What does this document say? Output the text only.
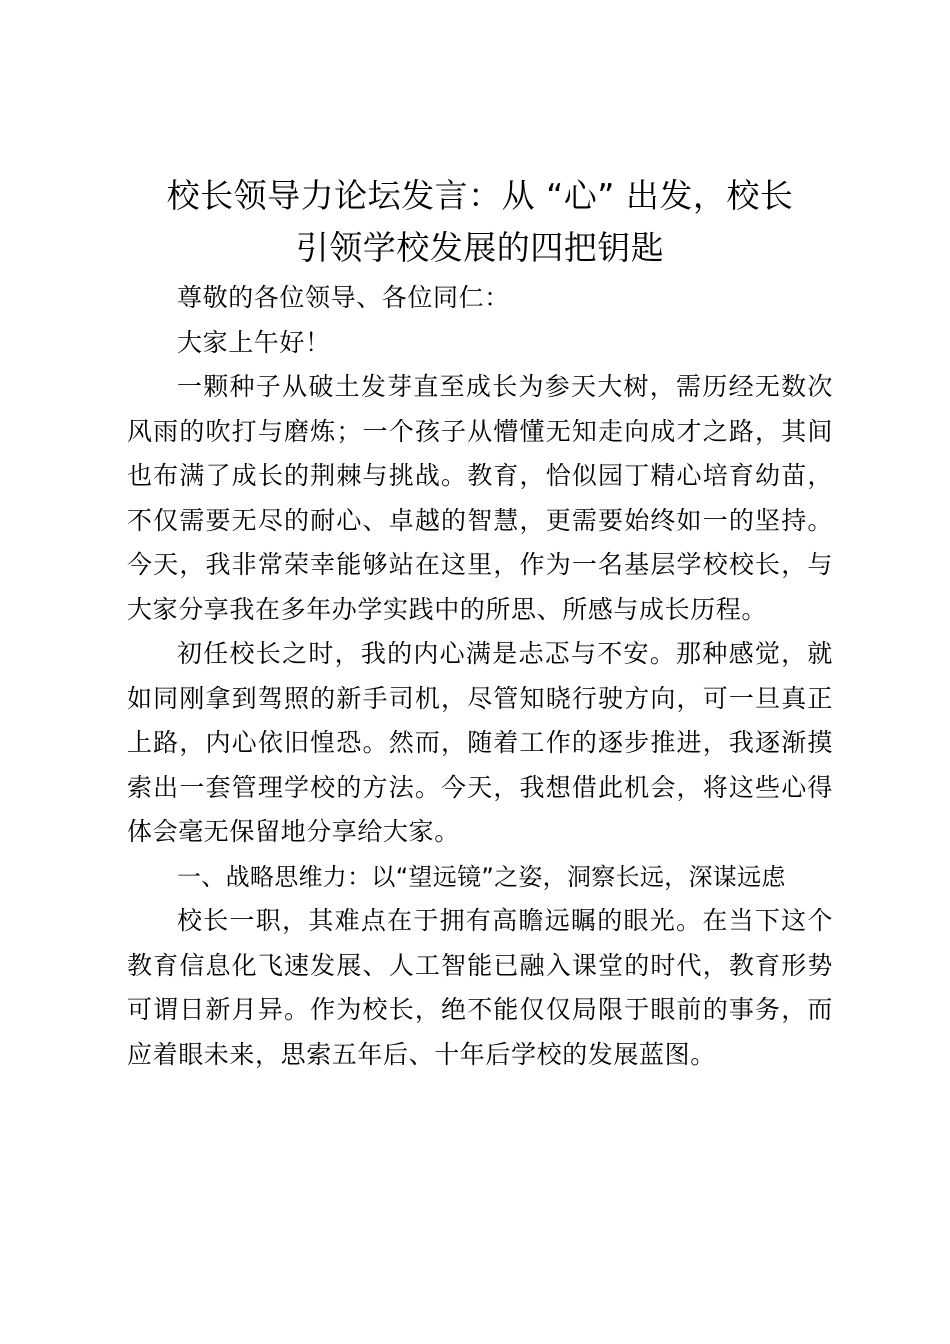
校长领导力论坛发言：从 “心” 出发，校长
引领学校发展的四把钥匙

尊敬的各位领导、各位同仁：

大家上午好！

一颗种子从破土发芽直至成长为参天大树，需历经无数次风雨的吹打与磨炼；一个孩子从懵懂无知走向成才之路，其间也布满了成长的荆棘与挑战。教育，恰似园丁精心培育幼苗，不仅需要无尽的耐心、卓越的智慧，更需要始终如一的坚持。今天，我非常荣幸能够站在这里，作为一名基层学校校长，与大家分享我在多年办学实践中的所思、所感与成长历程。

初任校长之时，我的内心满是忐忑与不安。那种感觉，就如同刚拿到驾照的新手司机，尽管知晓行驶方向，可一旦真正上路，内心依旧惶恐。然而，随着工作的逐步推进，我逐渐摸索出一套管理学校的方法。今天，我想借此机会，将这些心得体会毫无保留地分享给大家。

一、战略思维力：以“望远镜”之姿，洞察长远，深谋远虑

校长一职，其难点在于拥有高瞻远瞩的眼光。在当下这个教育信息化飞速发展、人工智能已融入课堂的时代，教育形势可谓日新月异。作为校长，绝不能仅仅局限于眼前的事务，而应着眼未来，思索五年后、十年后学校的发展蓝图。
